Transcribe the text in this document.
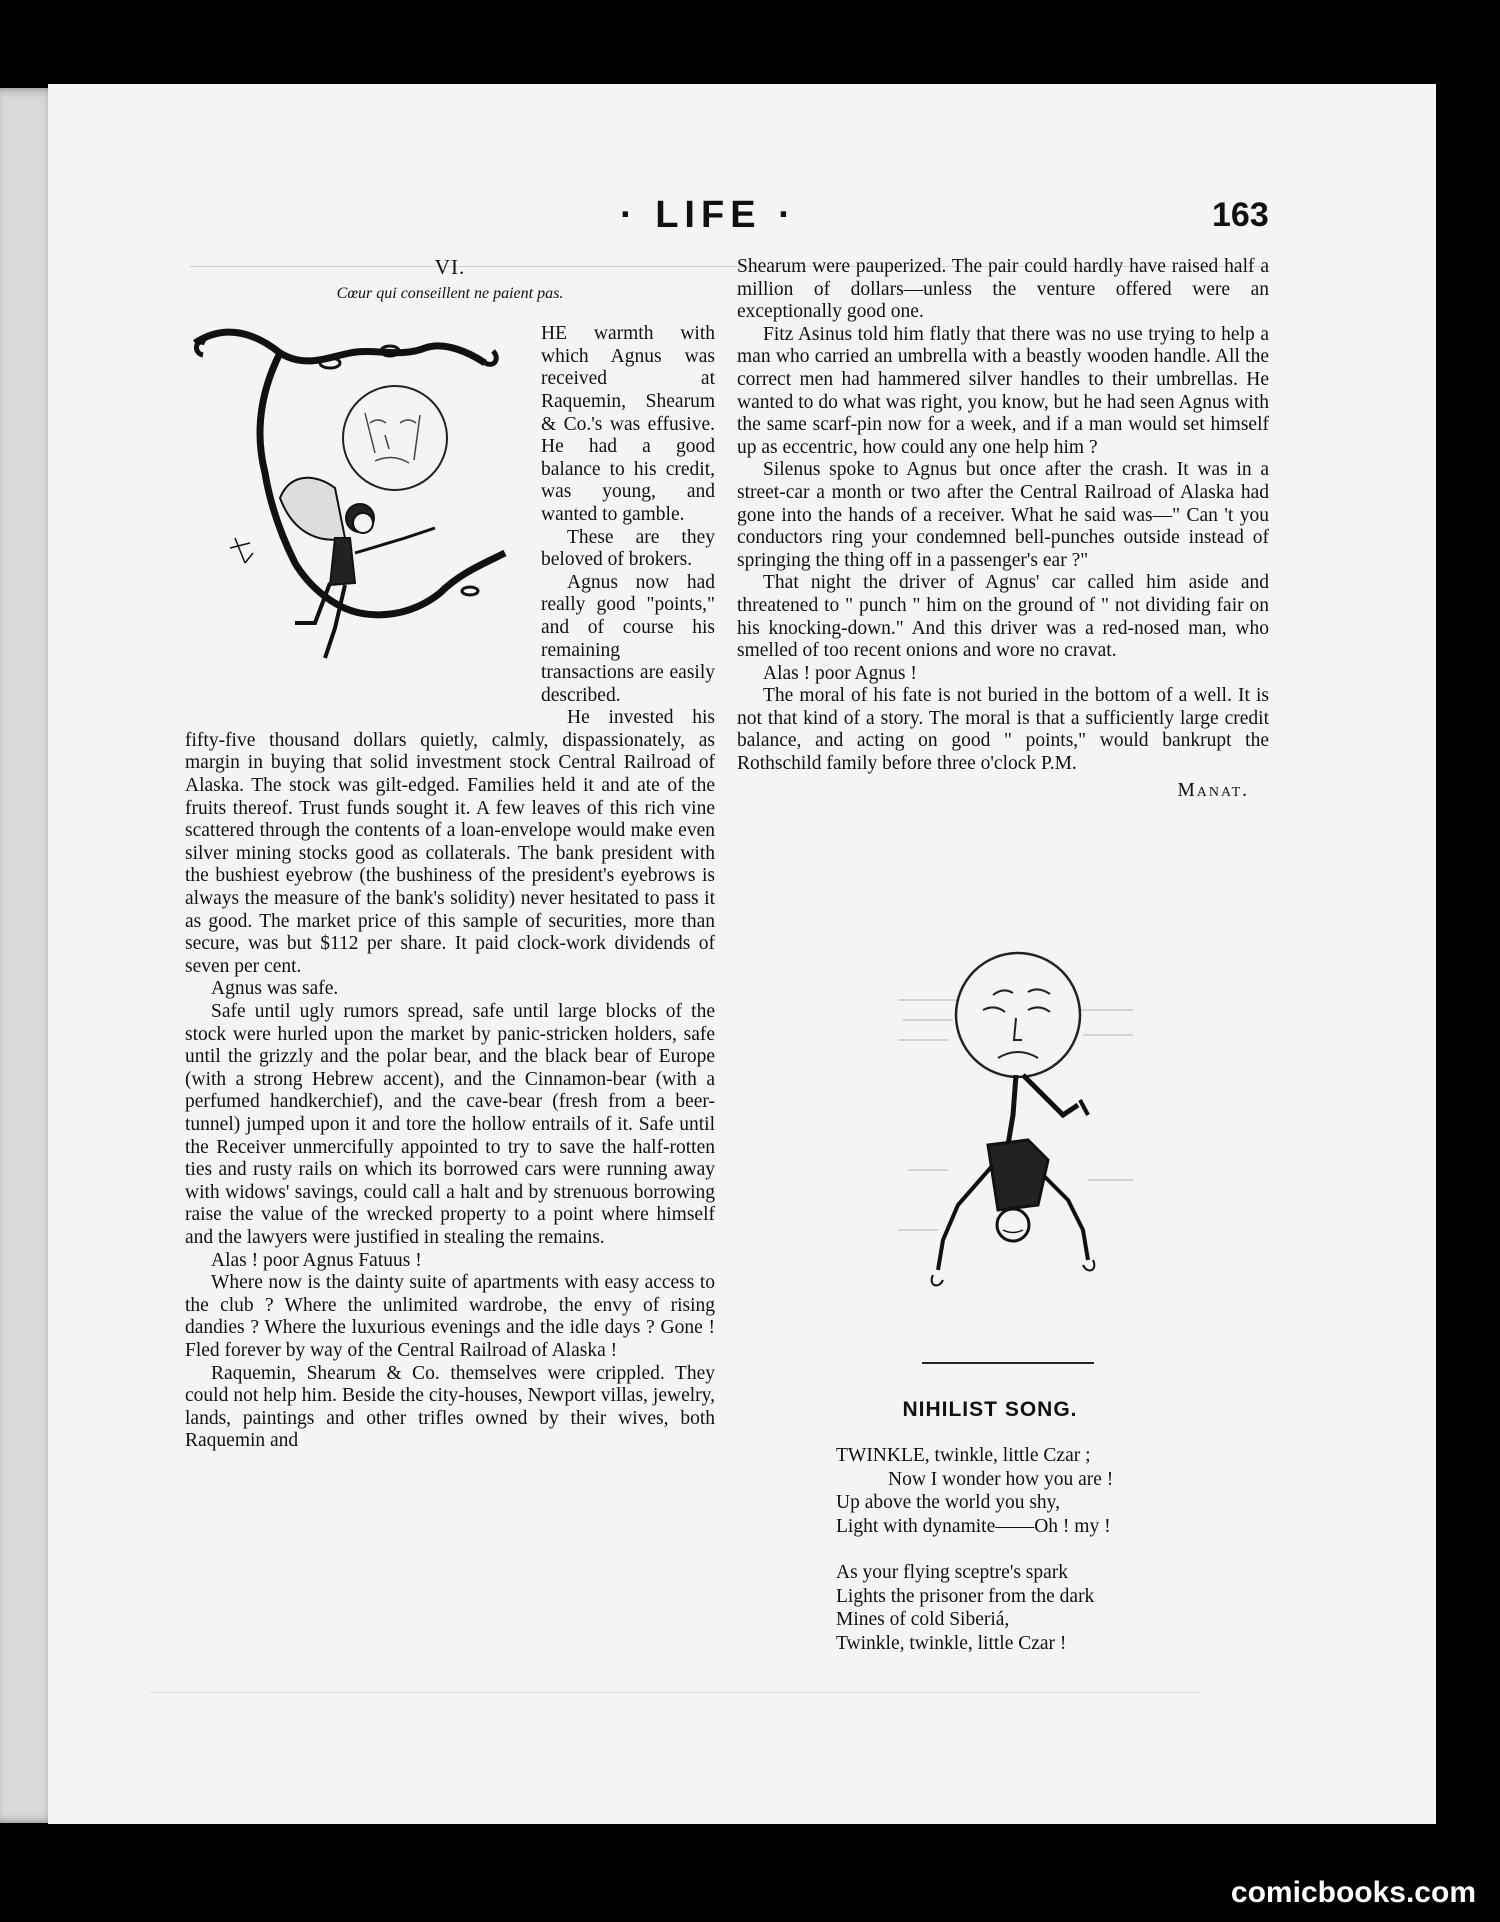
· LIFE ·	163
VI.
Cœur qui conseillent ne paient pas.

HE warmth with which Agnus was received at Raquemin, Shearum & Co.'s was effusive. He had a good balance to his credit, was young, and wanted to gamble.

These are they beloved of brokers.

Agnus now had really good "points," and of course his remaining transactions are easily described.

He invested his fifty-five thousand dollars quietly, calmly, dispassionately, as margin in buying that solid investment stock Central Railroad of Alaska. The stock was gilt-edged. Families held it and ate of the fruits thereof. Trust funds sought it. A few leaves of this rich vine scattered through the contents of a loan-envelope would make even silver mining stocks good as collaterals. The bank president with the bushiest eyebrow (the bushiness of the president's eyebrows is always the measure of the bank's solidity) never hesitated to pass it as good. The market price of this sample of securities, more than secure, was but $112 per share. It paid clock-work dividends of seven per cent.

Agnus was safe.

Safe until ugly rumors spread, safe until large blocks of the stock were hurled upon the market by panic-stricken holders, safe until the grizzly and the polar bear, and the black bear of Europe (with a strong Hebrew accent), and the Cinnamon-bear (with a perfumed handkerchief), and the cave-bear (fresh from a beer-tunnel) jumped upon it and tore the hollow entrails of it. Safe until the Receiver unmercifully appointed to try to save the half-rotten ties and rusty rails on which its borrowed cars were running away with widows' savings, could call a halt and by strenuous borrowing raise the value of the wrecked property to a point where himself and the lawyers were justified in stealing the remains.

Alas ! poor Agnus Fatuus !

Where now is the dainty suite of apartments with easy access to the club ? Where the unlimited wardrobe, the envy of rising dandies ? Where the luxurious evenings and the idle days ? Gone ! Fled forever by way of the Central Railroad of Alaska !

Raquemin, Shearum & Co. themselves were crippled. They could not help him. Beside the city-houses, Newport villas, jewelry, lands, paintings and other trifles owned by their wives, both Raquemin and

Shearum were pauperized. The pair could hardly have raised half a million of dollars—unless the venture offered were an exceptionally good one.

Fitz Asinus told him flatly that there was no use trying to help a man who carried an umbrella with a beastly wooden handle. All the correct men had hammered silver handles to their umbrellas. He wanted to do what was right, you know, but he had seen Agnus with the same scarf-pin now for a week, and if a man would set himself up as eccentric, how could any one help him ?

Silenus spoke to Agnus but once after the crash. It was in a street-car a month or two after the Central Railroad of Alaska had gone into the hands of a receiver. What he said was—" Can 't you conductors ring your condemned bell-punches outside instead of springing the thing off in a passenger's ear ?"

That night the driver of Agnus' car called him aside and threatened to " punch " him on the ground of " not dividing fair on his knocking-down." And this driver was a red-nosed man, who smelled of too recent onions and wore no cravat.

Alas ! poor Agnus !

The moral of his fate is not buried in the bottom of a well. It is not that kind of a story. The moral is that a sufficiently large credit balance, and acting on good " points," would bankrupt the Rothschild family before three o'clock P.M.

Manat.
NIHILIST SONG.
TWINKLE, twinkle, little Czar ;
Now I wonder how you are !
Up above the world you shy,
Light with dynamite——Oh ! my !
As your flying sceptre's spark
Lights the prisoner from the dark
Mines of cold Siberiá,
Twinkle, twinkle, little Czar !
comicbooks.com
